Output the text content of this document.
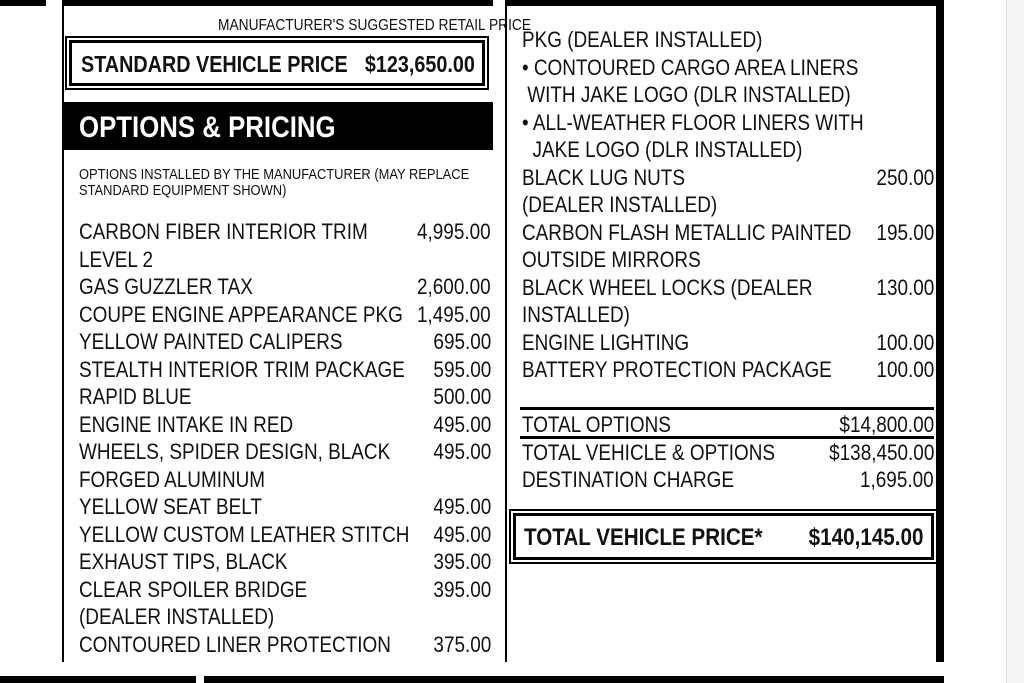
MANUFACTURER'S SUGGESTED RETAIL PRICE
STANDARD VEHICLE PRICE $123,650.00
OPTIONS & PRICING
OPTIONS INSTALLED BY THE MANUFACTURER (MAY REPLACE
STANDARD EQUIPMENT SHOWN)
CARBON FIBER INTERIOR TRIM 4,995.00
LEVEL 2
GAS GUZZLER TAX	2,600.00
COUPE ENGINE APPEARANCE PKG 1,495.00
YELLOW PAINTED CALIPERS	695.00
STEALTH INTERIOR TRIM PACKAGE 595.00
RAPID BLUE	500.00
ENGINE INTAKE IN RED	495.00
WHEELS, SPIDER DESIGN, BLACK 495.00
FORGED ALUMINUM
YELLOW SEAT BELT	495.00
YELLOW CUSTOM LEATHER STITCH 495.00
EXHAUST TIPS, BLACK	395.00
CLEAR SPOILER BRIDGE	395.00
(DEALER INSTALLED)
CONTOURED LINER PROTECTION 375.00
PKG (DEALER INSTALLED)
• CONTOURED CARGO AREA LINERS
WITH JAKE LOGO (DLR INSTALLED)
• ALL-WEATHER FLOOR LINERS WITH
JAKE LOGO (DLR INSTALLED)
BLACK LUG NUTS	250.00
(DEALER INSTALLED)
CARBON FLASH METALLIC PAINTED 195.00
OUTSIDE MIRRORS
BLACK WHEEL LOCKS (DEALER	130.00
INSTALLED)
ENGINE LIGHTING	100.00
BATTERY PROTECTION PACKAGE 100.00
TOTAL OPTIONS	$14,800.00
TOTAL VEHICLE & OPTIONS $138,450.00
DESTINATION CHARGE	1,695.00
TOTAL VEHICLE PRICE*	$140,145.00
